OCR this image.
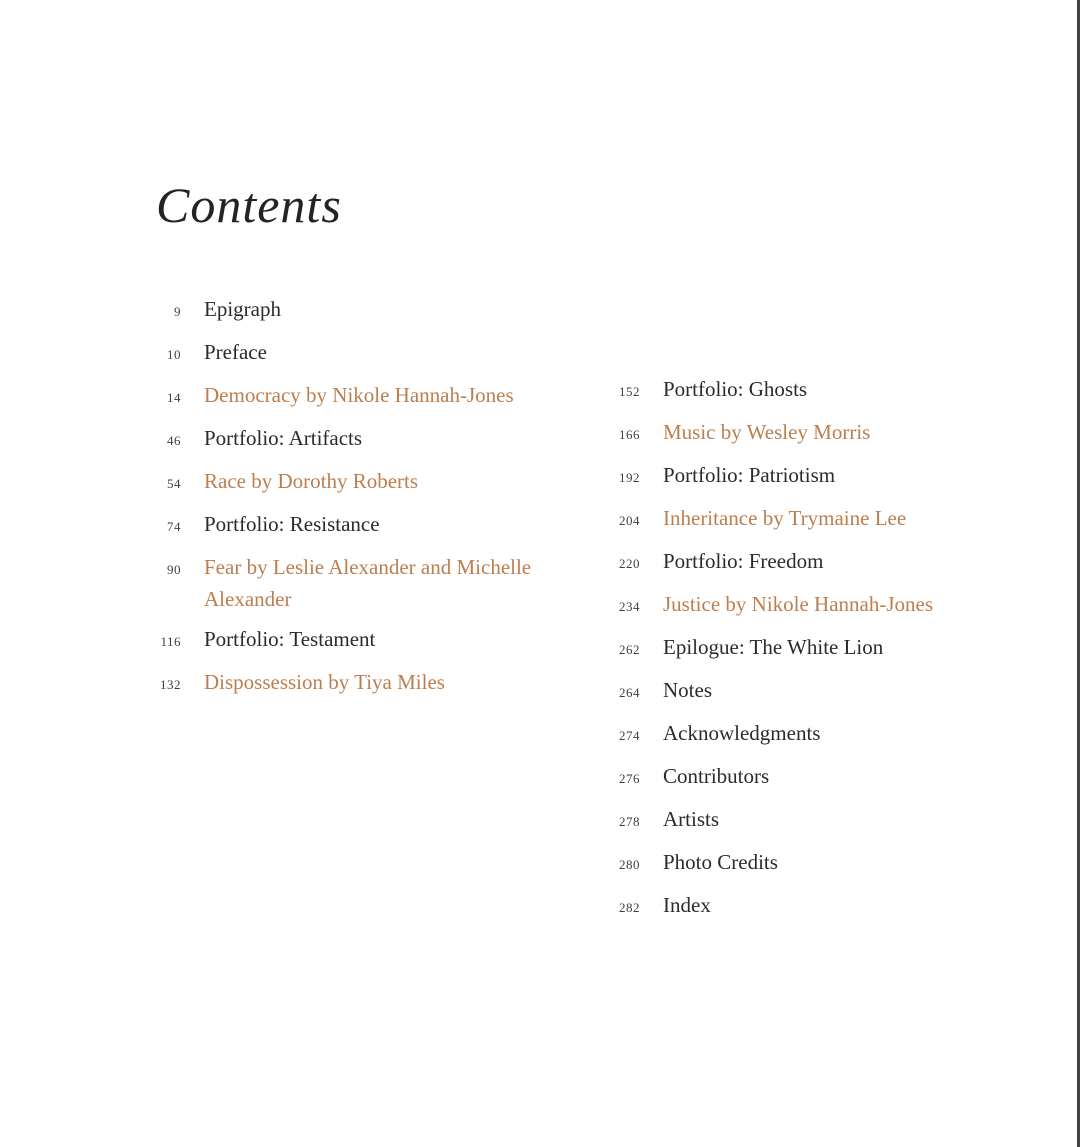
Contents
9 Epigraph
10 Preface
14 Democracy by Nikole Hannah-Jones
46 Portfolio: Artifacts
54 Race by Dorothy Roberts
74 Portfolio: Resistance
90 Fear by Leslie Alexander and Michelle Alexander
116 Portfolio: Testament
132 Dispossession by Tiya Miles
152 Portfolio: Ghosts
166 Music by Wesley Morris
192 Portfolio: Patriotism
204 Inheritance by Trymaine Lee
220 Portfolio: Freedom
234 Justice by Nikole Hannah-Jones
262 Epilogue: The White Lion
264 Notes
274 Acknowledgments
276 Contributors
278 Artists
280 Photo Credits
282 Index
